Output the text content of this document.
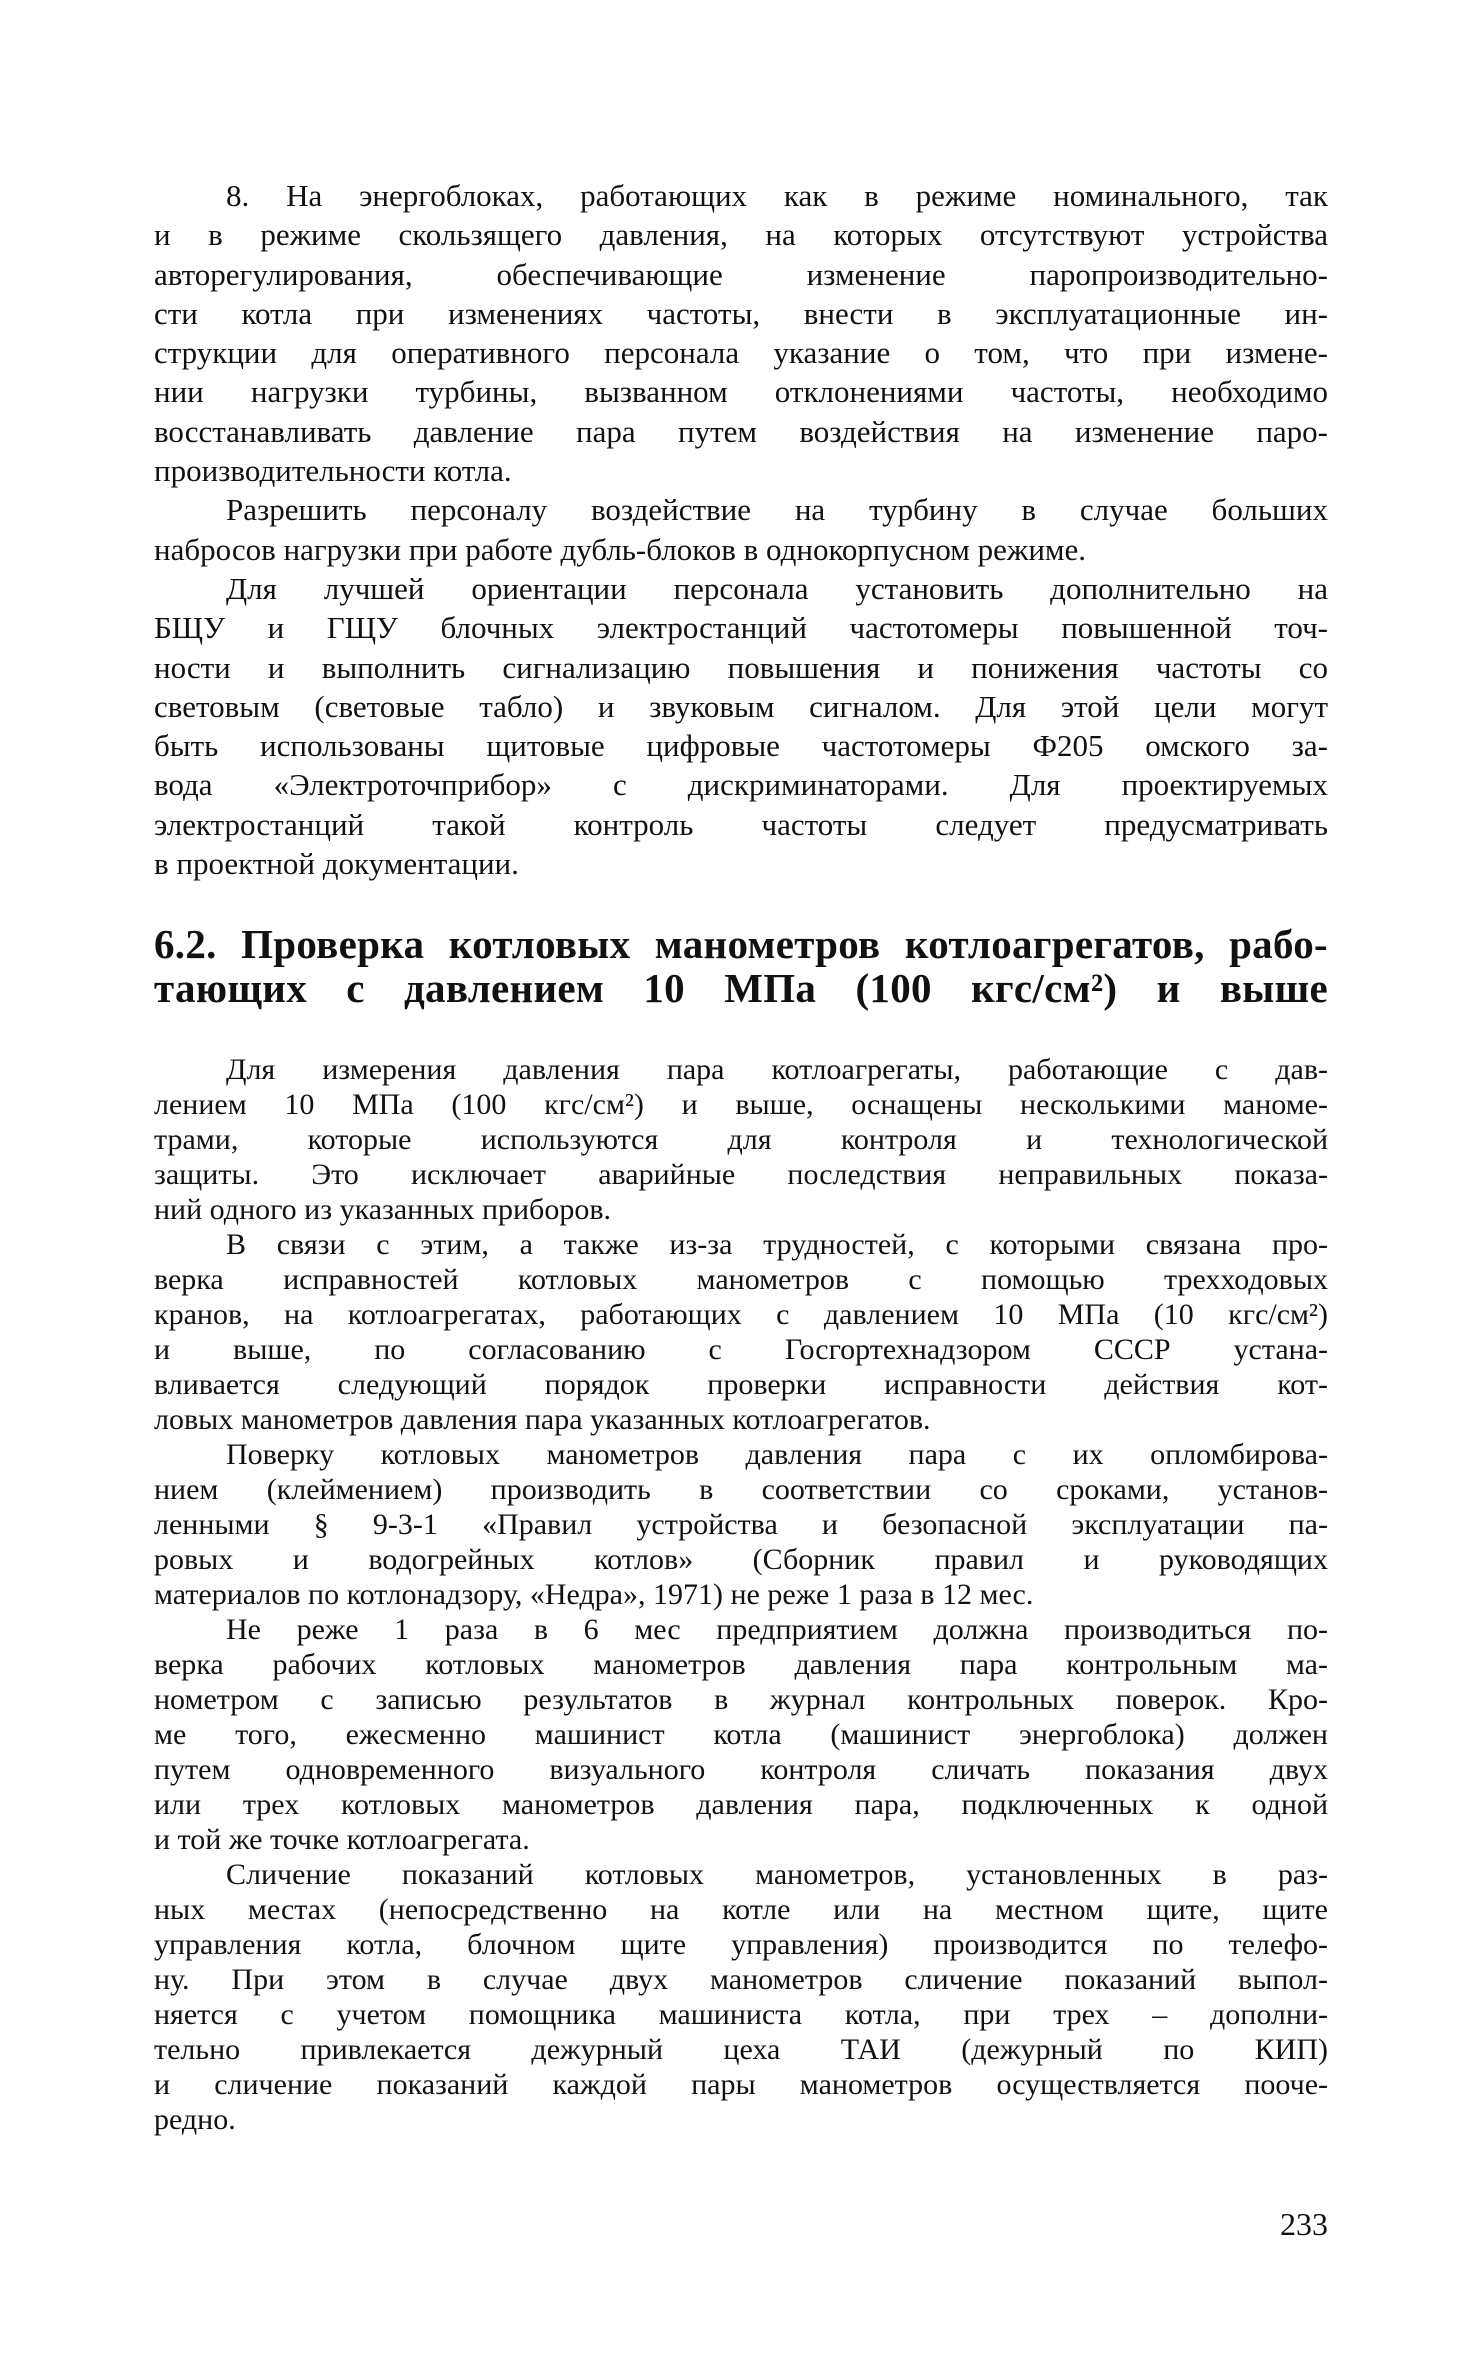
8. На энергоблоках, работающих как в режиме номинального, так
и в режиме скользящего давления, на которых отсутствуют устройства
авторегулирования, обеспечивающие изменение паропроизводительно-
сти котла при изменениях частоты, внести в эксплуатационные ин-
струкции для оперативного персонала указание о том, что при измене-
нии нагрузки турбины, вызванном отклонениями частоты, необходимо
восстанавливать давление пара путем воздействия на изменение паро-
производительности котла.
Разрешить персоналу воздействие на турбину в случае больших
набросов нагрузки при работе дубль-блоков в однокорпусном режиме.
Для лучшей ориентации персонала установить дополнительно на
БЩУ и ГЩУ блочных электростанций частотомеры повышенной точ-
ности и выполнить сигнализацию повышения и понижения частоты со
световым (световые табло) и звуковым сигналом. Для этой цели могут
быть использованы щитовые цифровые частотомеры Ф205 омского за-
вода «Электроточприбор» с дискриминаторами. Для проектируемых
электростанций такой контроль частоты следует предусматривать
в проектной документации.
6.2. Проверка котловых манометров котлоагрегатов, рабо-
тающих с давлением 10 МПа (100 кгс/см²) и выше
Для измерения давления пара котлоагрегаты, работающие с дав-
лением 10 МПа (100 кгс/см²) и выше, оснащены несколькими маноме-
трами, которые используются для контроля и технологической
защиты. Это исключает аварийные последствия неправильных показа-
ний одного из указанных приборов.
В связи с этим, а также из-за трудностей, с которыми связана про-
верка исправностей котловых манометров с помощью трехходовых
кранов, на котлоагрегатах, работающих с давлением 10 МПа (10 кгс/см²)
и выше, по согласованию с Госгортехнадзором СССР устана-
вливается следующий порядок проверки исправности действия кот-
ловых манометров давления пара указанных котлоагрегатов.
Поверку котловых манометров давления пара с их опломбирова-
нием (клеймением) производить в соответствии со сроками, установ-
ленными § 9-3-1 «Правил устройства и безопасной эксплуатации па-
ровых и водогрейных котлов» (Сборник правил и руководящих
материалов по котлонадзору, «Недра», 1971) не реже 1 раза в 12 мес.
Не реже 1 раза в 6 мес предприятием должна производиться по-
верка рабочих котловых манометров давления пара контрольным ма-
нометром с записью результатов в журнал контрольных поверок. Кро-
ме того, ежесменно машинист котла (машинист энергоблока) должен
путем одновременного визуального контроля сличать показания двух
или трех котловых манометров давления пара, подключенных к одной
и той же точке котлоагрегата.
Сличение показаний котловых манометров, установленных в раз-
ных местах (непосредственно на котле или на местном щите, щите
управления котла, блочном щите управления) производится по телефо-
ну. При этом в случае двух манометров сличение показаний выпол-
няется с учетом помощника машиниста котла, при трех – дополни-
тельно привлекается дежурный цеха ТАИ (дежурный по КИП)
и сличение показаний каждой пары манометров осуществляется пооче-
редно.
233
